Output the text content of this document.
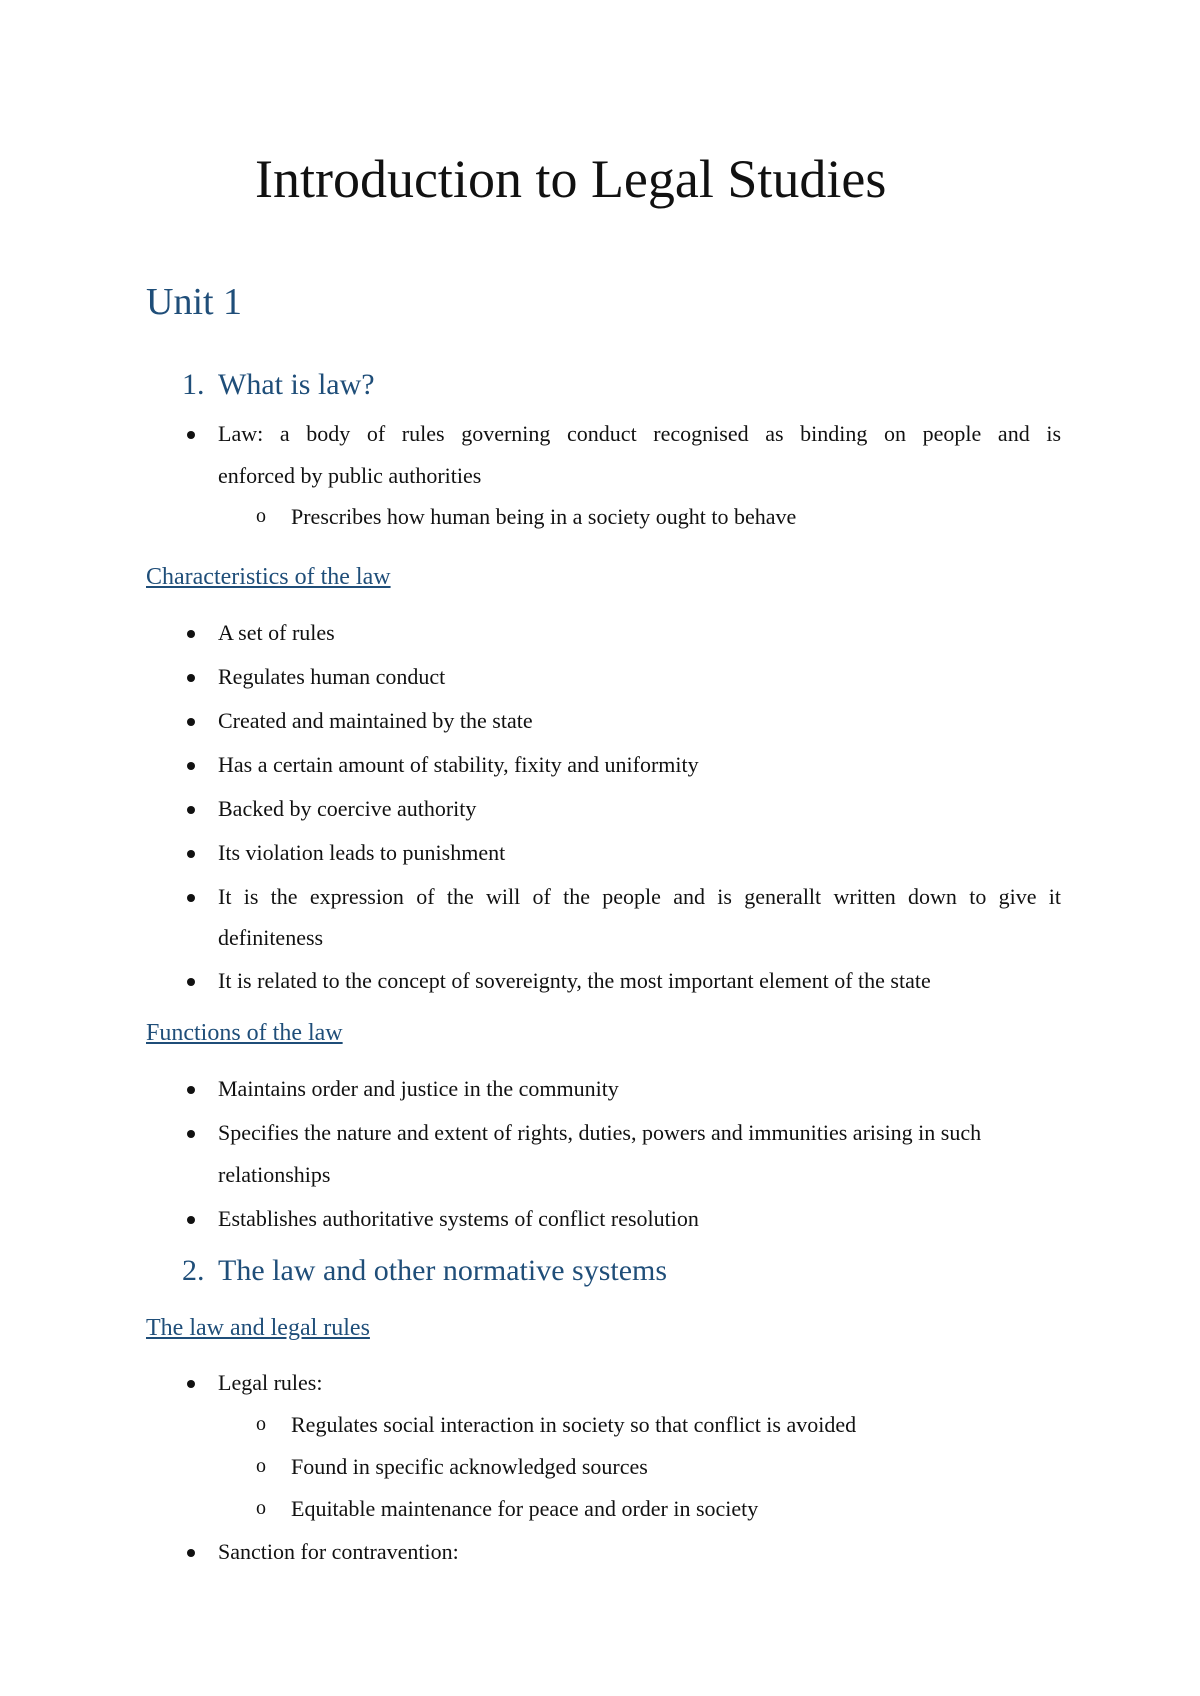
Introduction to Legal Studies
Unit 1
1. What is law?
Law: a body of rules governing conduct recognised as binding on people and is
enforced by public authorities
o Prescribes how human being in a society ought to behave
Characteristics of the law
A set of rules
Regulates human conduct
Created and maintained by the state
Has a certain amount of stability, fixity and uniformity
Backed by coercive authority
Its violation leads to punishment
It is the expression of the will of the people and is generallt written down to give it
definiteness
It is related to the concept of sovereignty, the most important element of the state
Functions of the law
Maintains order and justice in the community
Specifies the nature and extent of rights, duties, powers and immunities arising in such
relationships
Establishes authoritative systems of conflict resolution
2. The law and other normative systems
The law and legal rules
Legal rules:
o Regulates social interaction in society so that conflict is avoided
o Found in specific acknowledged sources
o Equitable maintenance for peace and order in society
Sanction for contravention:
